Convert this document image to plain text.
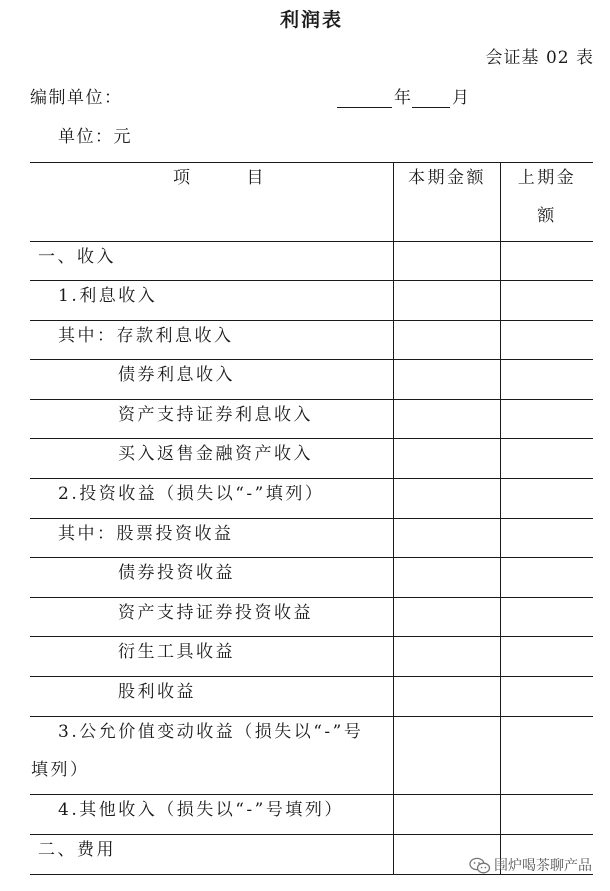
利润表
会证基 02 表
编制单位：	年 月
单位：元
项 目	本期金额	上期金额
一、收入
1.利息收入
其中：存款利息收入
债券利息收入
资产支持证券利息收入
买入返售金融资产收入
2.投资收益（损失以“-”填列）
其中：股票投资收益
债券投资收益
资产支持证券投资收益
衍生工具收益
股利收益
3.公允价值变动收益（损失以“-”号
填列）
4.其他收入（损失以“-”号填列）
二、费用
围炉喝茶聊产品
